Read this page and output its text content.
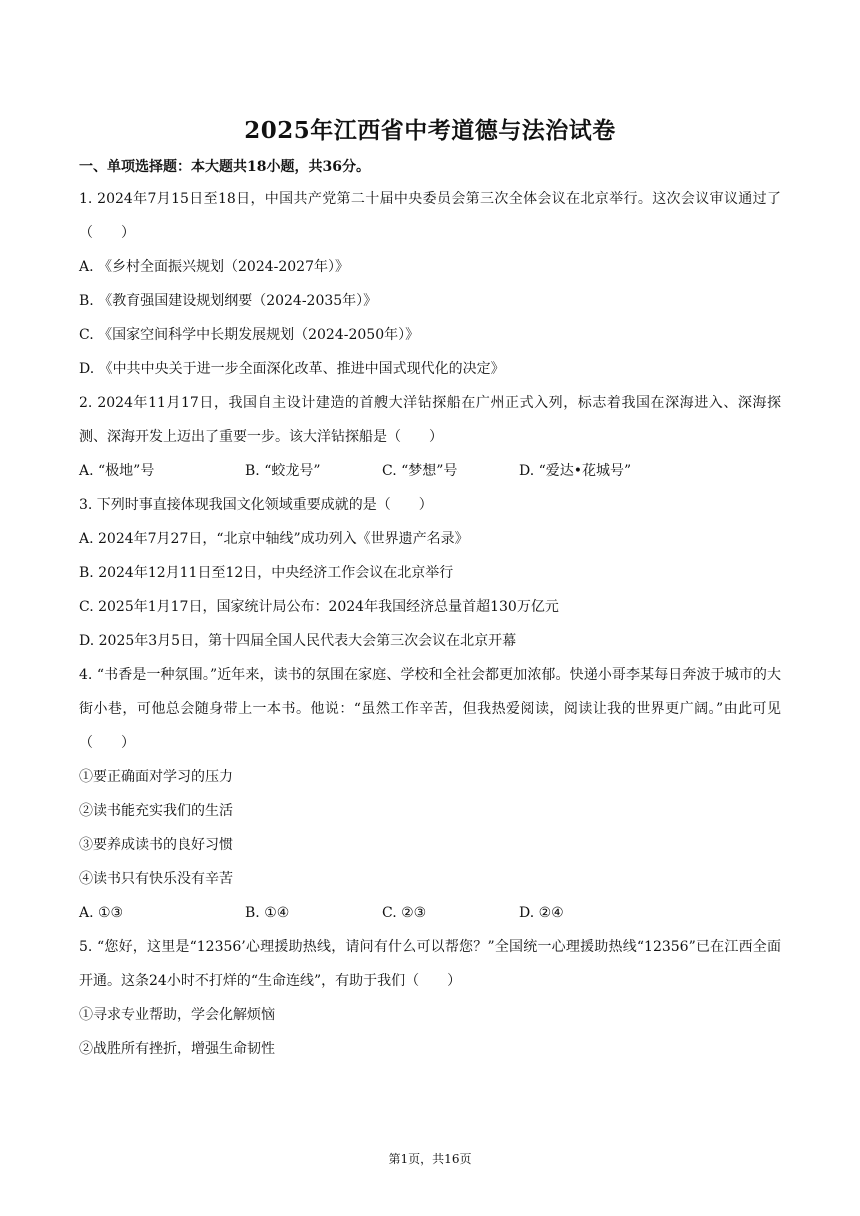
2025年江西省中考道德与法治试卷
一、单项选择题：本大题共18小题，共36分。
1. 2024年7月15日至18日，中国共产党第二十届中央委员会第三次全体会议在北京举行。这次会议审议通过了（　　）
A. 《乡村全面振兴规划（2024-2027年）》
B. 《教育强国建设规划纲要（2024-2035年）》
C. 《国家空间科学中长期发展规划（2024-2050年）》
D. 《中共中央关于进一步全面深化改革、推进中国式现代化的决定》
2. 2024年11月17日，我国自主设计建造的首艘大洋钻探船在广州正式入列，标志着我国在深海进入、深海探测、深海开发上迈出了重要一步。该大洋钻探船是（　　）
A. “极地”号	B. “蛟龙号”	C. “梦想”号	D. “爱达•花城号”
3. 下列时事直接体现我国文化领域重要成就的是（　　）
A. 2024年7月27日，“北京中轴线”成功列入《世界遗产名录》
B. 2024年12月11日至12日，中央经济工作会议在北京举行
C. 2025年1月17日，国家统计局公布：2024年我国经济总量首超130万亿元
D. 2025年3月5日，第十四届全国人民代表大会第三次会议在北京开幕
4. “书香是一种氛围。”近年来，读书的氛围在家庭、学校和全社会都更加浓郁。快递小哥李某每日奔波于城市的大街小巷，可他总会随身带上一本书。他说：“虽然工作辛苦，但我热爱阅读，阅读让我的世界更广阔。”由此可见（　　）
①要正确面对学习的压力
②读书能充实我们的生活
③要养成读书的良好习惯
④读书只有快乐没有辛苦
A. ①③	B. ①④	C. ②③	D. ②④
5. “您好，这里是“12356’心理援助热线，请问有什么可以帮您？”全国统一心理援助热线“12356”已在江西全面开通。这条24小时不打烊的“生命连线”，有助于我们（　　）
①寻求专业帮助，学会化解烦恼
②战胜所有挫折，增强生命韧性
第1页，共16页
